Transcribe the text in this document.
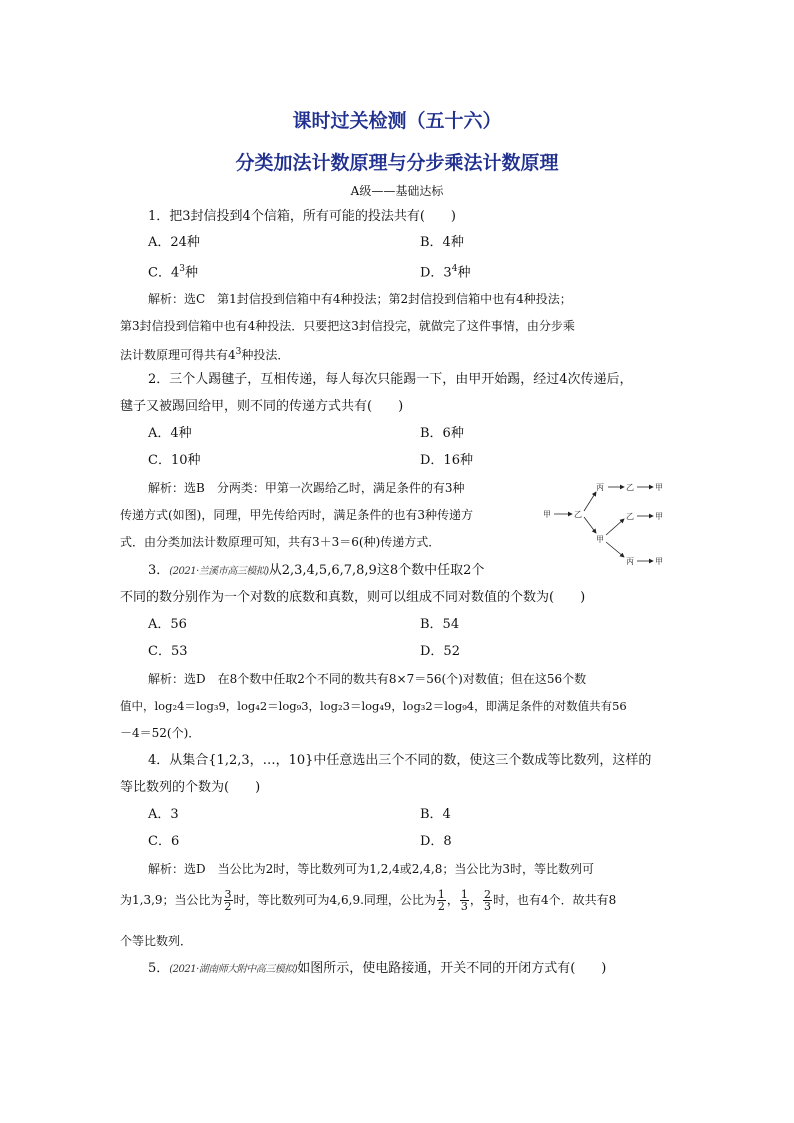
课时过关检测（五十六）
分类加法计数原理与分步乘法计数原理
A级——基础达标
1．把3封信投到4个信箱，所有可能的投法共有(　　)
A．24种	B．4种
C．$4^3$种	D．$3^4$种
解析：选C　第1封信投到信箱中有4种投法；第2封信投到信箱中也有4种投法；
第3封信投到信箱中也有4种投法．只要把这3封信投完，就做完了这件事情，由分步乘
法计数原理可得共有$4^3$种投法．
2．三个人踢毽子，互相传递，每人每次只能踢一下，由甲开始踢，经过4次传递后，
毽子又被踢回给甲，则不同的传递方式共有(　　)
A．4种	B．6种
C．10种	D．16种
解析：选B　分两类：甲第一次踢给乙时，满足条件的有3种
传递方式(如图)，同理，甲先传给丙时，满足条件的也有3种传递方
式．由分类加法计数原理可知，共有3＋3＝6(种)传递方式．
甲	乙
丙	乙	甲
甲
乙	甲
丙	甲
3．(2021·兰溪市高三模拟)从2,3,4,5,6,7,8,9这8个数中任取2个
不同的数分别作为一个对数的底数和真数，则可以组成不同对数值的个数为(　　)
A．56	B．54
C．53	D．52
解析：选D　在8个数中任取2个不同的数共有8×7＝56(个)对数值；但在这56个数
值中，log₂4＝log₃9，log₄2＝log₉3，log₂3＝log₄9，log₃2＝log₉4，即满足条件的对数值共有56
－4＝52(个)．
4．从集合{1,2,3，…，10}中任意选出三个不同的数，使这三个数成等比数列，这样的
等比数列的个数为(　　)
A．3	B．4
C．6	D．8
解析：选D　当公比为2时，等比数列可为1,2,4或2,4,8；当公比为3时，等比数列可
为1,3,9；当公比为 $\frac{3}{2}$ 时，等比数列可为4,6,9.同理，公比为 $\frac{1}{2}$ ， $\frac{1}{3}$ ， $\frac{2}{3}$ 时，也有4个．故共有8
个等比数列．
5．(2021·湖南师大附中高三模拟)如图所示，使电路接通，开关不同的开闭方式有(　　)
